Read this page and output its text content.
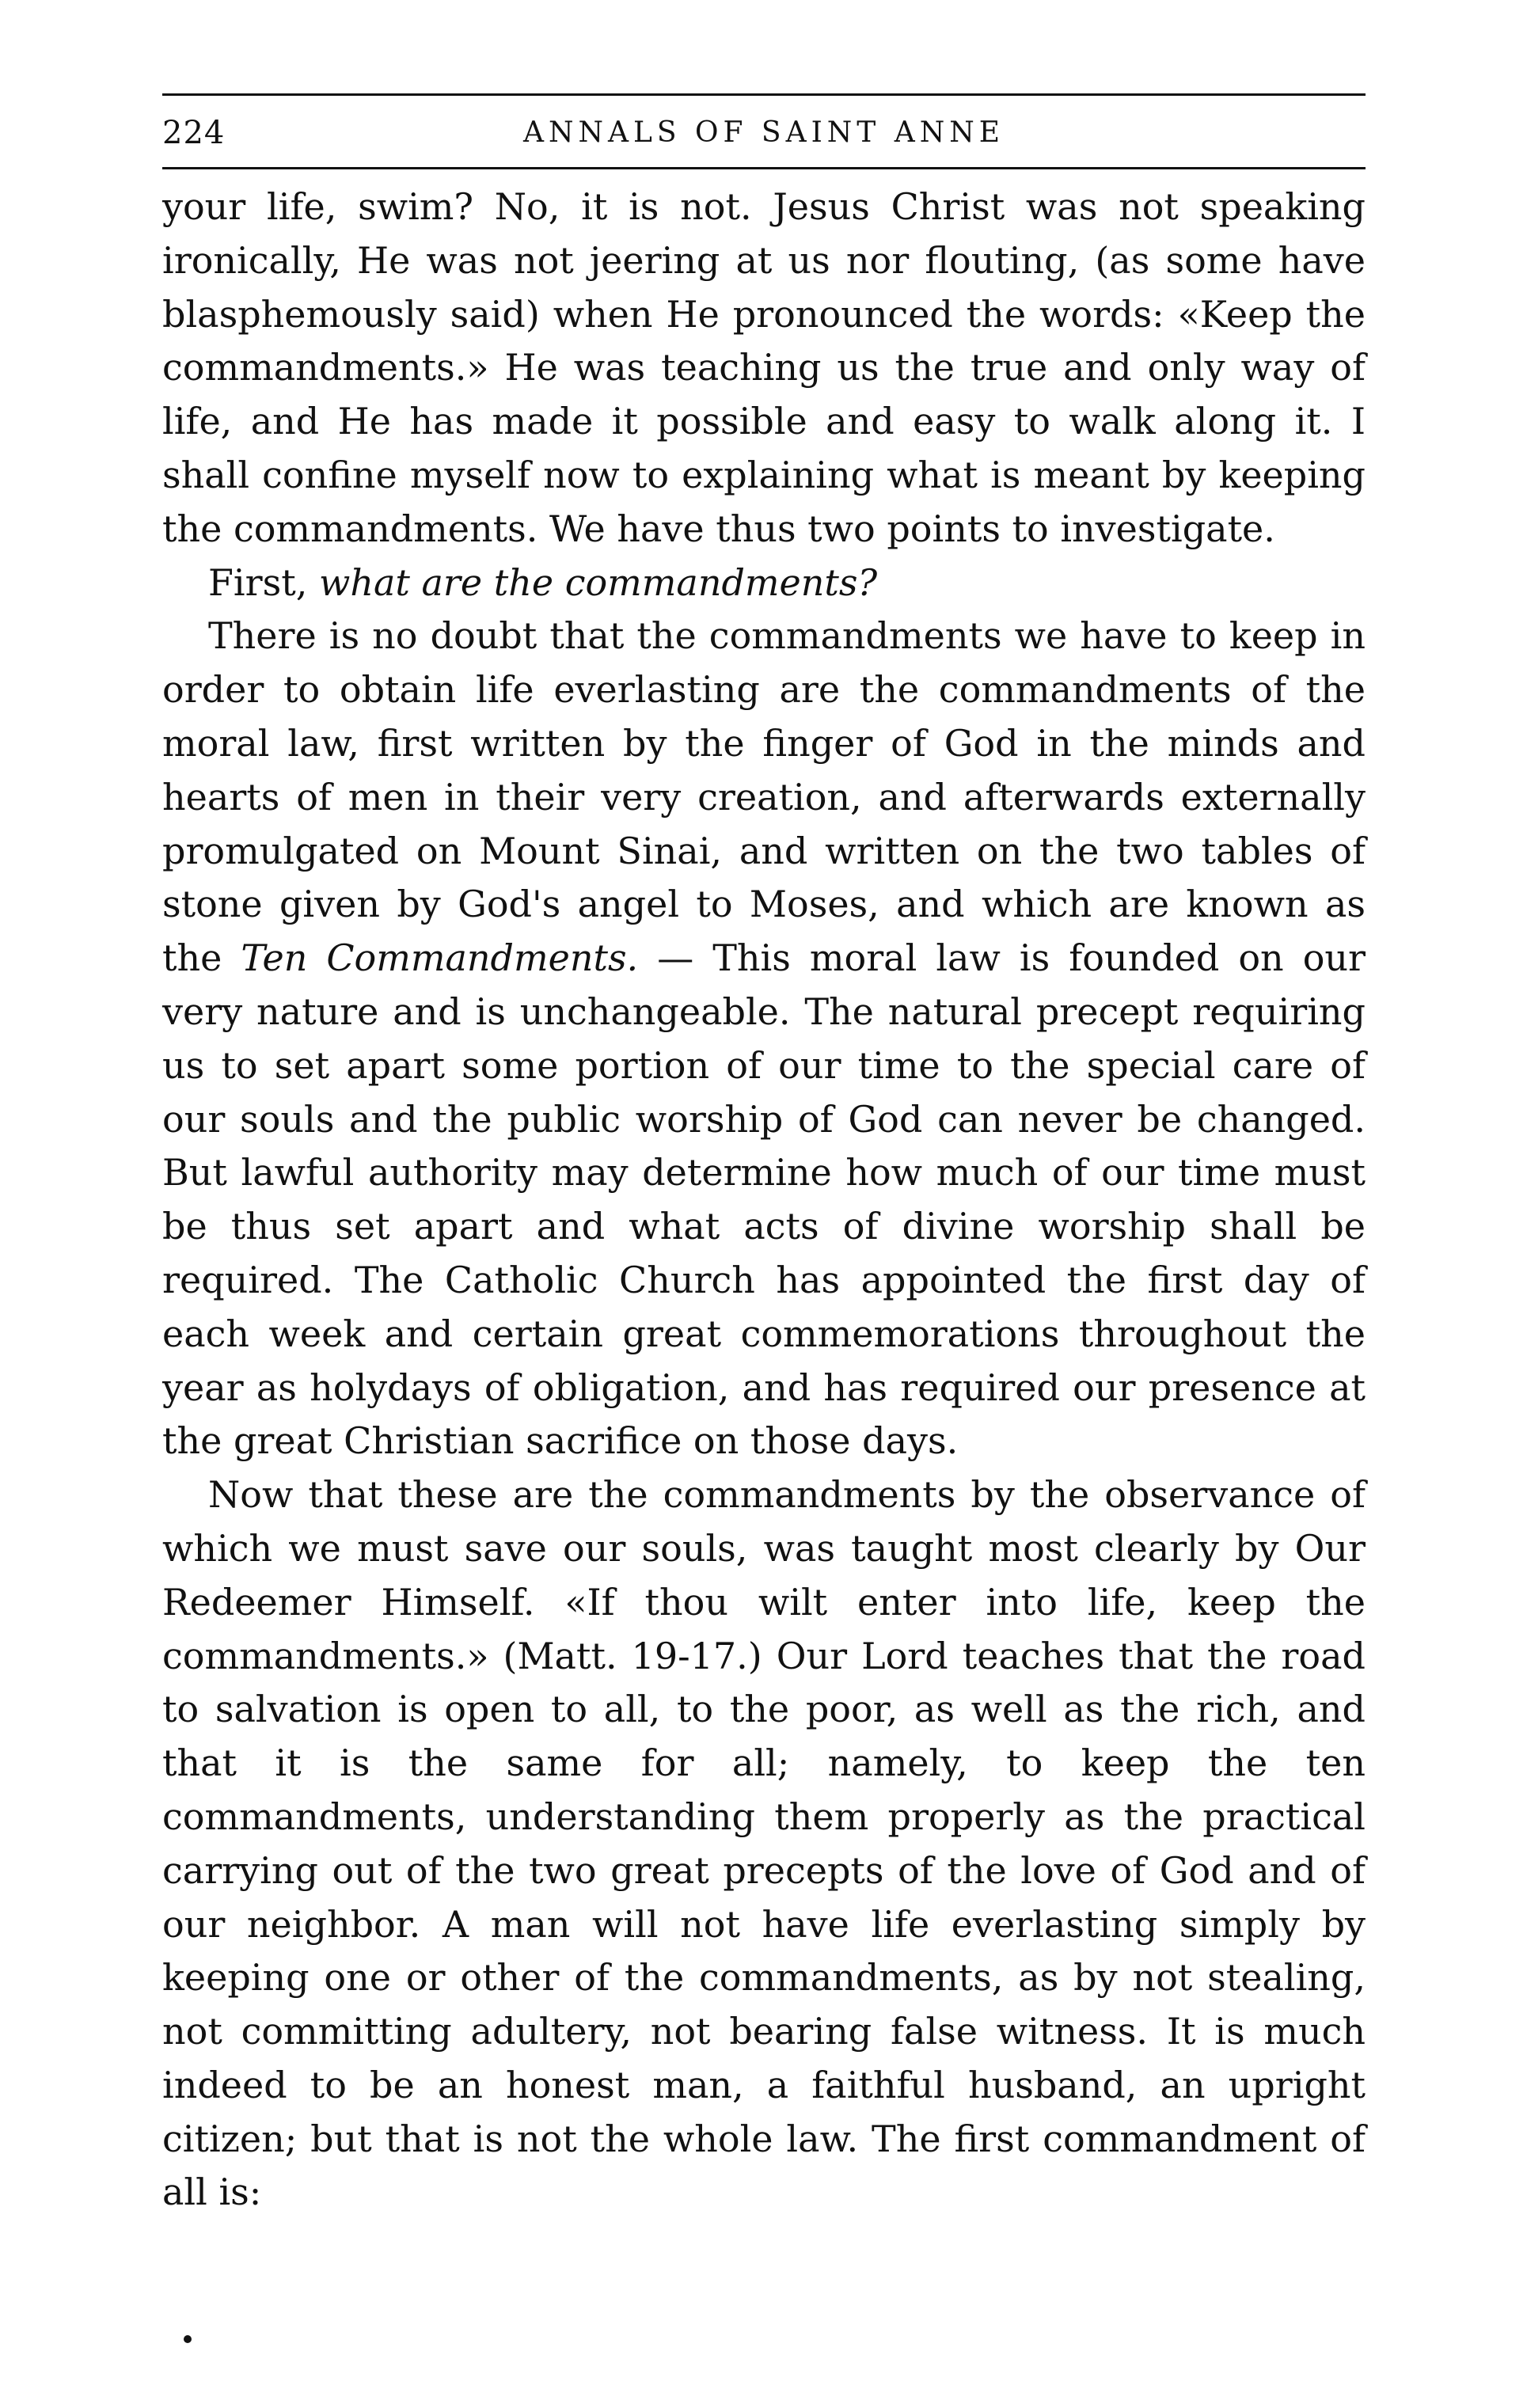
224	ANNALS OF SAINT ANNE

your life, swim? No, it is not. Jesus Christ was not speaking ironically, He was not jeering at us nor flouting, (as some have blasphemously said) when He pronounced the words: «Keep the commandments.» He was teaching us the true and only way of life, and He has made it possible and easy to walk along it. I shall confine myself now to explaining what is meant by keeping the commandments. We have thus two points to investigate.

First, what are the commandments?

There is no doubt that the commandments we have to keep in order to obtain life everlasting are the commandments of the moral law, first written by the finger of God in the minds and hearts of men in their very creation, and afterwards externally promulgated on Mount Sinai, and written on the two tables of stone given by God's angel to Moses, and which are known as the Ten Commandments. — This moral law is founded on our very nature and is unchangeable. The natural precept requiring us to set apart some portion of our time to the special care of our souls and the public worship of God can never be changed. But lawful authority may determine how much of our time must be thus set apart and what acts of divine worship shall be required. The Catholic Church has appointed the first day of each week and certain great commemorations throughout the year as holydays of obligation, and has required our presence at the great Christian sacrifice on those days.

Now that these are the commandments by the observance of which we must save our souls, was taught most clearly by Our Redeemer Himself. «If thou wilt enter into life, keep the commandments.» (Matt. 19-17.) Our Lord teaches that the road to salvation is open to all, to the poor, as well as the rich, and that it is the same for all; namely, to keep the ten commandments, understanding them properly as the practical carrying out of the two great precepts of the love of God and of our neighbor. A man will not have life everlasting simply by keeping one or other of the commandments, as by not stealing, not committing adultery, not bearing false witness. It is much indeed to be an honest man, a faithful husband, an upright citizen; but that is not the whole law. The first commandment of all is:
